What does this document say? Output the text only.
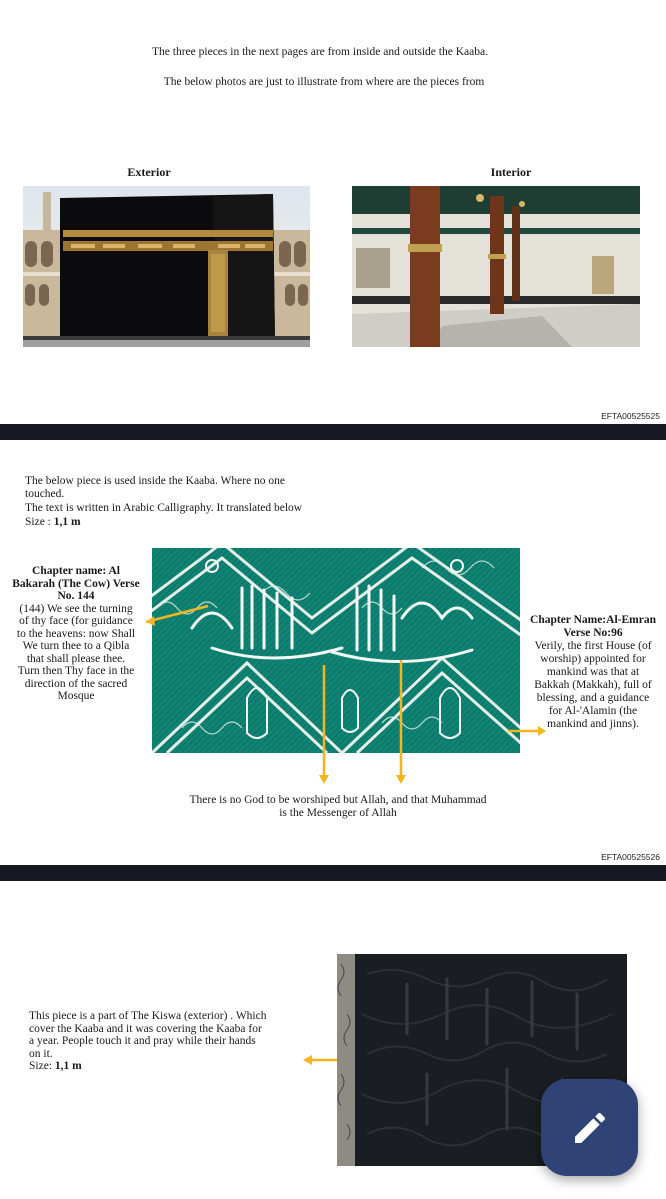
The three pieces in the next pages are from inside and outside the Kaaba.
The below photos are just to illustrate from where are the pieces from
Exterior	Interior
EFTA00525525
The below piece is used inside the Kaaba. Where no one
touched.
The text is written in Arabic Calligraphy. It translated below
Size : 1,1 m
Chapter name: Al
Bakarah (The Cow) Verse
No. 144
(144) We see the turning
of thy face (for guidance
to the heavens: now Shall
We turn thee to a Qibla
that shall please thee.
Turn then Thy face in the
direction of the sacred
Mosque
Chapter Name:Al-Emran
Verse No:96
Verily, the first House (of
worship) appointed for
mankind was that at
Bakkah (Makkah), full of
blessing, and a guidance
for Al-'Alamin (the
mankind and jinns).
There is no God to be worshiped but Allah, and that Muhammad
is the Messenger of Allah
EFTA00525526
This piece is a part of The Kiswa (exterior) . Which
cover the Kaaba and it was covering the Kaaba for
a year. People touch it and pray while their hands
on it.
Size: 1,1 m
